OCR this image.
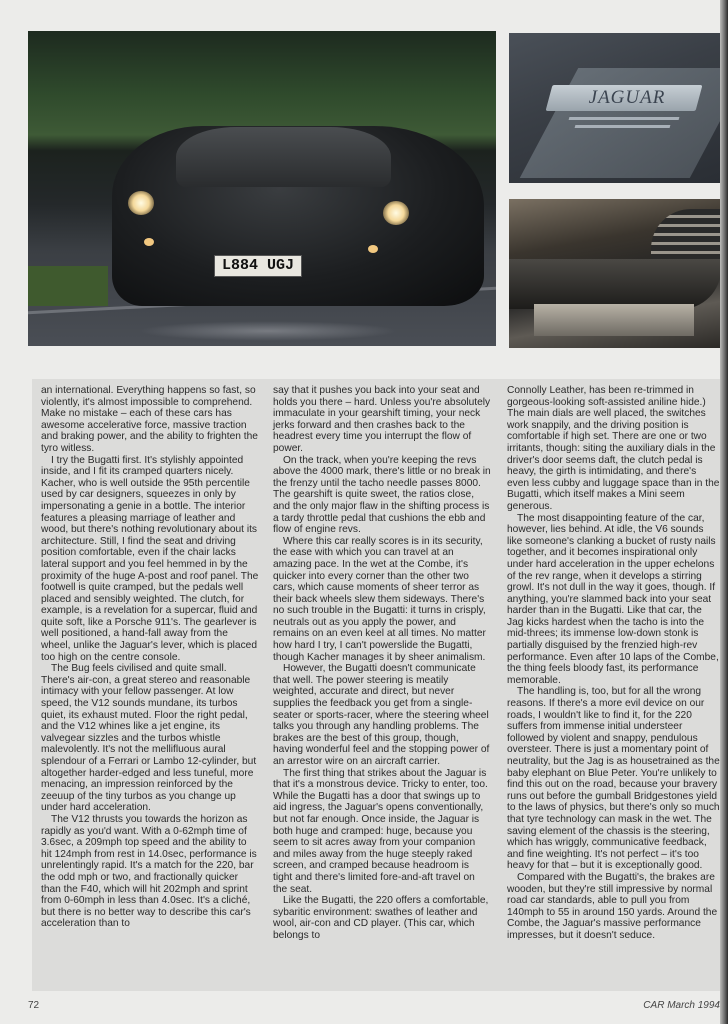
L884 UGJ
JAGUAR

an international. Everything happens so fast, so violently, it's almost impossible to comprehend. Make no mistake – each of these cars has awesome accelerative force, massive traction and braking power, and the ability to frighten the tyro witless.

I try the Bugatti first. It's stylishly appointed inside, and I fit its cramped quarters nicely. Kacher, who is well outside the 95th percentile used by car designers, squeezes in only by impersonating a genie in a bottle. The interior features a pleasing marriage of leather and wood, but there's nothing revolutionary about its architecture. Still, I find the seat and driving position comfortable, even if the chair lacks lateral support and you feel hemmed in by the proximity of the huge A-post and roof panel. The footwell is quite cramped, but the pedals well placed and sensibly weighted. The clutch, for example, is a revelation for a supercar, fluid and quite soft, like a Porsche 911's. The gearlever is well positioned, a hand-fall away from the wheel, unlike the Jaguar's lever, which is placed too high on the centre console.

The Bug feels civilised and quite small. There's air-con, a great stereo and reasonable intimacy with your fellow passenger. At low speed, the V12 sounds mundane, its turbos quiet, its exhaust muted. Floor the right pedal, and the V12 whines like a jet engine, its valvegear sizzles and the turbos whistle malevolently. It's not the mellifluous aural splendour of a Ferrari or Lambo 12-cylinder, but altogether harder-edged and less tuneful, more menacing, an impression reinforced by the zeeuup of the tiny turbos as you change up under hard acceleration.

The V12 thrusts you towards the horizon as rapidly as you'd want. With a 0-62mph time of 3.6sec, a 209mph top speed and the ability to hit 124mph from rest in 14.0sec, performance is unrelentingly rapid. It's a match for the 220, bar the odd mph or two, and fractionally quicker than the F40, which will hit 202mph and sprint from 0-60mph in less than 4.0sec. It's a cliché, but there is no better way to describe this car's acceleration than to

say that it pushes you back into your seat and holds you there – hard. Unless you're absolutely immaculate in your gearshift timing, your neck jerks forward and then crashes back to the headrest every time you interrupt the flow of power.

On the track, when you're keeping the revs above the 4000 mark, there's little or no break in the frenzy until the tacho needle passes 8000. The gearshift is quite sweet, the ratios close, and the only major flaw in the shifting process is a tardy throttle pedal that cushions the ebb and flow of engine revs.

Where this car really scores is in its security, the ease with which you can travel at an amazing pace. In the wet at the Combe, it's quicker into every corner than the other two cars, which cause moments of sheer terror as their back wheels slew them sideways. There's no such trouble in the Bugatti: it turns in crisply, neutrals out as you apply the power, and remains on an even keel at all times. No matter how hard I try, I can't powerslide the Bugatti, though Kacher manages it by sheer animalism.

However, the Bugatti doesn't communicate that well. The power steering is meatily weighted, accurate and direct, but never supplies the feedback you get from a single-seater or sports-racer, where the steering wheel talks you through any handling problems. The brakes are the best of this group, though, having wonderful feel and the stopping power of an arrestor wire on an aircraft carrier.

The first thing that strikes about the Jaguar is that it's a monstrous device. Tricky to enter, too. While the Bugatti has a door that swings up to aid ingress, the Jaguar's opens conventionally, but not far enough. Once inside, the Jaguar is both huge and cramped: huge, because you seem to sit acres away from your companion and miles away from the huge steeply raked screen, and cramped because headroom is tight and there's limited fore-and-aft travel on the seat.

Like the Bugatti, the 220 offers a comfortable, sybaritic environment: swathes of leather and wool, air-con and CD player. (This car, which belongs to

Connolly Leather, has been re-trimmed in gorgeous-looking soft-assisted aniline hide.) The main dials are well placed, the switches work snappily, and the driving position is comfortable if high set. There are one or two irritants, though: siting the auxiliary dials in the driver's door seems daft, the clutch pedal is heavy, the girth is intimidating, and there's even less cubby and luggage space than in the Bugatti, which itself makes a Mini seem generous.

The most disappointing feature of the car, however, lies behind. At idle, the V6 sounds like someone's clanking a bucket of rusty nails together, and it becomes inspirational only under hard acceleration in the upper echelons of the rev range, when it develops a stirring growl. It's not dull in the way it goes, though. If anything, you're slammed back into your seat harder than in the Bugatti. Like that car, the Jag kicks hardest when the tacho is into the mid-threes; its immense low-down stonk is partially disguised by the frenzied high-rev performance. Even after 10 laps of the Combe, the thing feels bloody fast, its performance memorable.

The handling is, too, but for all the wrong reasons. If there's a more evil device on our roads, I wouldn't like to find it, for the 220 suffers from immense initial understeer followed by violent and snappy, pendulous oversteer. There is just a momentary point of neutrality, but the Jag is as housetrained as the baby elephant on Blue Peter. You're unlikely to find this out on the road, because your bravery runs out before the gumball Bridgestones yield to the laws of physics, but there's only so much that tyre technology can mask in the wet. The saving element of the chassis is the steering, which has wriggly, communicative feedback, and fine weighting. It's not perfect – it's too heavy for that – but it is exceptionally good.

Compared with the Bugatti's, the brakes are wooden, but they're still impressive by normal road car standards, able to pull you from 140mph to 55 in around 150 yards. Around the Combe, the Jaguar's massive performance impresses, but it doesn't seduce.

72	CAR March 1994
